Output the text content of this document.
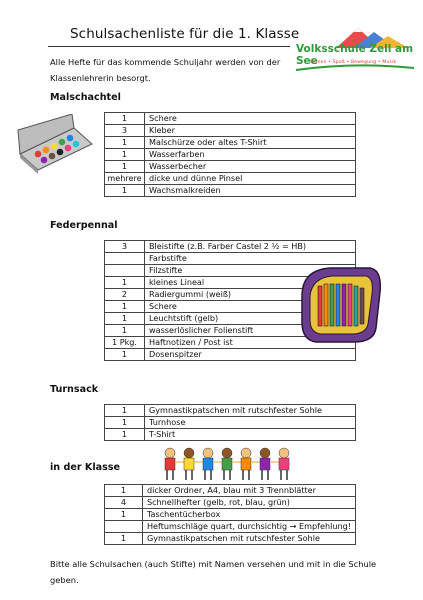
Schulsachenliste für die 1. Klasse
Volksschule Zell am See
Lernen • Spaß • Bewegung • Musik
Alle Hefte für das kommende Schuljahr werden von der Klassenlehrerin besorgt.
Malschachtel
1	Schere
3	Kleber
1	Malschürze oder altes T-Shirt
1	Wasserfarben
1	Wasserbecher
mehrere	dicke und dünne Pinsel
1	Wachsmalkreiden
Federpennal
3	Bleistifte (z.B. Farber Castel 2 ½ = HB)
	Farbstifte
	Filzstifte
1	kleines Lineal
2	Radiergummi (weiß)
1	Schere
1	Leuchtstift (gelb)
1	wasserlöslicher Folienstift
1 Pkg.	Haftnotizen / Post ist
1	Dosenspitzer
Turnsack
1	Gymnastikpatschen mit rutschfester Sohle
1	Turnhose
1	T-Shirt
in der Klasse
1	dicker Ordner, A4, blau mit 3 Trennblätter
4	Schnellhefter (gelb, rot, blau, grün)
1	Taschentücherbox
	Heftumschläge quart, durchsichtig → Empfehlung!
1	Gymnastikpatschen mit rutschfester Sohle
Bitte alle Schulsachen (auch Stifte) mit Namen versehen und mit in die Schule geben.
